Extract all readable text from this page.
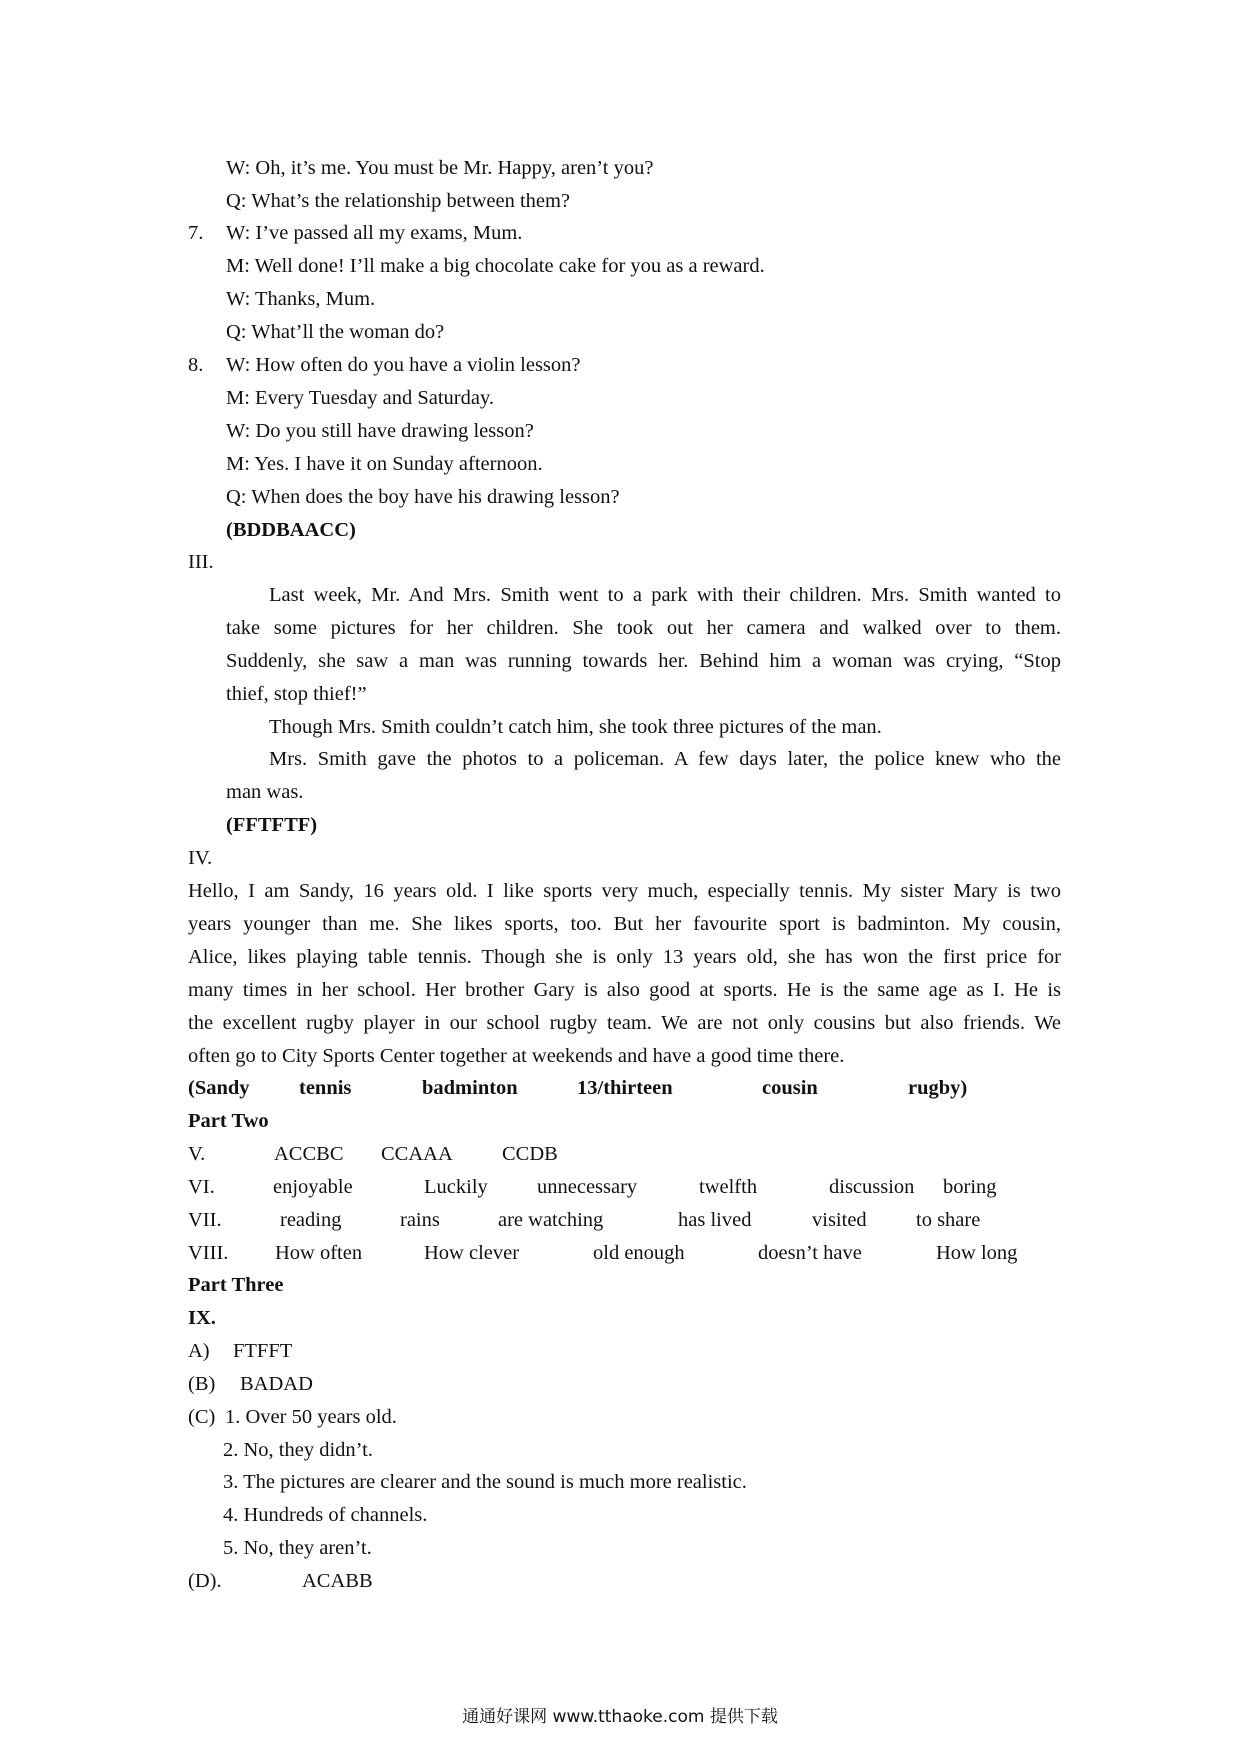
W: Oh, it’s me. You must be Mr. Happy, aren’t you?
Q: What’s the relationship between them?
7. W: I’ve passed all my exams, Mum.
M: Well done! I’ll make a big chocolate cake for you as a reward.
W: Thanks, Mum.
Q: What’ll the woman do?
8. W: How often do you have a violin lesson?
M: Every Tuesday and Saturday.
W: Do you still have drawing lesson?
M: Yes. I have it on Sunday afternoon.
Q: When does the boy have his drawing lesson?
(BDDBAACC)
III.
Last week, Mr. And Mrs. Smith went to a park with their children. Mrs. Smith wanted to
take some pictures for her children. She took out her camera and walked over to them.
Suddenly, she saw a man was running towards her. Behind him a woman was crying, “Stop
thief, stop thief!”
Though Mrs. Smith couldn’t catch him, she took three pictures of the man.
Mrs. Smith gave the photos to a policeman. A few days later, the police knew who the
man was.
(FFTFTF)
IV.
Hello, I am Sandy, 16 years old. I like sports very much, especially tennis. My sister Mary is two
years younger than me. She likes sports, too. But her favourite sport is badminton. My cousin,
Alice, likes playing table tennis. Though she is only 13 years old, she has won the first price for
many times in her school. Her brother Gary is also good at sports. He is the same age as I. He is
the excellent rugby player in our school rugby team. We are not only cousins but also friends. We
often go to City Sports Center together at weekends and have a good time there.
(Sandy tennis	badminton	13/thirteen	cousin	rugby)
Part Two
V.	ACCBC CCAAA CCDB
VI.	enjoyable	Luckily unnecessary	twelfth	discussion boring
VII.	reading	rains	are watching	has lived	visited to share
VIII. How often	How clever	old enough	doesn’t have	How long
Part Three
IX.
A) FTFFT
(B) BADAD
(C) 1. Over 50 years old.
2. No, they didn’t.
3. The pictures are clearer and the sound is much more realistic.
4. Hundreds of channels.
5. No, they aren’t.
(D).	ACABB
通通好课网 www.tthaoke.com 提供下载
